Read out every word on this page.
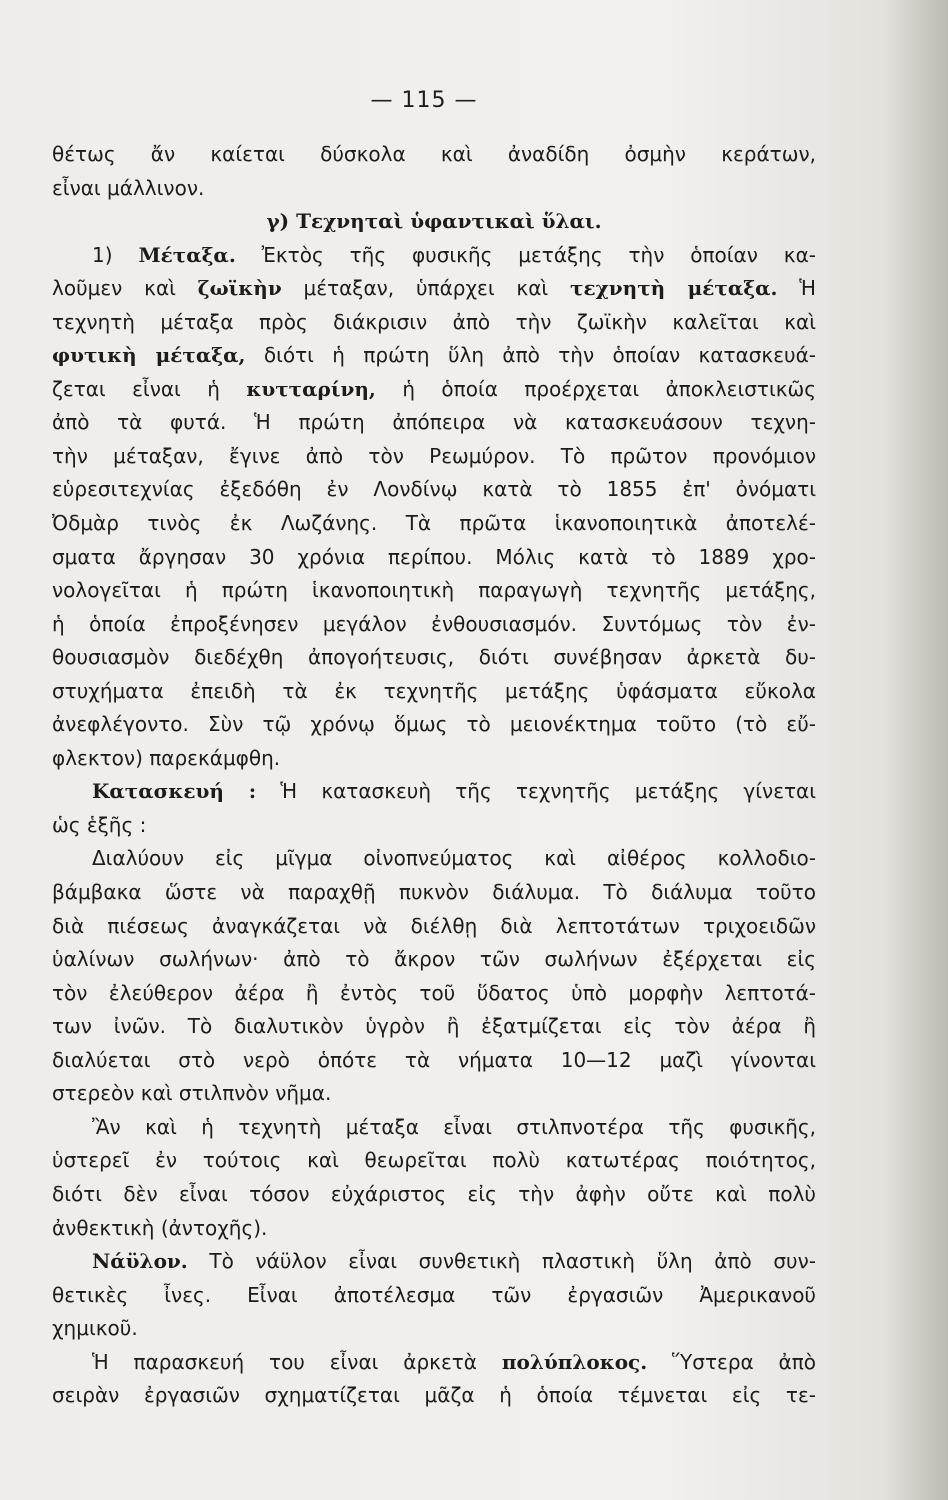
— 115 —
θέτως ἄν καίεται δύσκολα καὶ ἀναδίδη ὀσμὴν κεράτων,
εἶναι μάλλινον.
γ) Τεχνηταὶ ὑφαντικαὶ ὕλαι.
1) Μέταξα. Ἐκτὸς τῆς φυσικῆς μετάξης τὴν ὁποίαν κα-
λοῦμεν καὶ ζωϊκὴν μέταξαν, ὑπάρχει καὶ τεχνητὴ μέταξα. Ἡ
τεχνητὴ μέταξα πρὸς διάκρισιν ἀπὸ τὴν ζωϊκὴν καλεῖται καὶ
φυτικὴ μέταξα, διότι ἡ πρώτη ὕλη ἀπὸ τὴν ὁποίαν κατασκευά-
ζεται εἶναι ἡ κυτταρίνη, ἡ ὁποία προέρχεται ἀποκλειστικῶς
ἀπὸ τὰ φυτά. Ἡ πρώτη ἀπόπειρα νὰ κατασκευάσουν τεχνη-
τὴν μέταξαν, ἔγινε ἀπὸ τὸν Ρεωμύρον. Τὸ πρῶτον προνόμιον
εὑρεσιτεχνίας ἐξεδόθη ἐν Λονδίνῳ κατὰ τὸ 1855 ἐπ' ὀνόματι
Ὀδμὰρ τινὸς ἐκ Λωζάνης. Τὰ πρῶτα ἱκανοποιητικὰ ἀποτελέ-
σματα ἄργησαν 30 χρόνια περίπου. Μόλις κατὰ τὸ 1889 χρο-
νολογεῖται ἡ πρώτη ἱκανοποιητικὴ παραγωγὴ τεχνητῆς μετάξης,
ἡ ὁποία ἐπροξένησεν μεγάλον ἐνθουσιασμόν. Συντόμως τὸν ἐν-
θουσιασμὸν διεδέχθη ἀπογοήτευσις, διότι συνέβησαν ἀρκετὰ δυ-
στυχήματα ἐπειδὴ τὰ ἐκ τεχνητῆς μετάξης ὑφάσματα εὔκολα
ἀνεφλέγοντο. Σὺν τῷ χρόνῳ ὅμως τὸ μειονέκτημα τοῦτο (τὸ εὔ-
φλεκτον) παρεκάμφθη.
Κατασκευή : Ἡ κατασκευὴ τῆς τεχνητῆς μετάξης γίνεται
ὡς ἑξῆς :
Διαλύουν εἰς μῖγμα οἰνοπνεύματος καὶ αἰθέρος κολλοδιο-
βάμβακα ὥστε νὰ παραχθῇ πυκνὸν διάλυμα. Τὸ διάλυμα τοῦτο
διὰ πιέσεως ἀναγκάζεται νὰ διέλθῃ διὰ λεπτοτάτων τριχοειδῶν
ὑαλίνων σωλήνων· ἀπὸ τὸ ἄκρον τῶν σωλήνων ἐξέρχεται εἰς
τὸν ἐλεύθερον ἀέρα ἢ ἐντὸς τοῦ ὕδατος ὑπὸ μορφὴν λεπτοτά-
των ἰνῶν. Τὸ διαλυτικὸν ὑγρὸν ἢ ἐξατμίζεται εἰς τὸν ἀέρα ἢ
διαλύεται στὸ νερὸ ὁπότε τὰ νήματα 10—12 μαζὶ γίνονται
στερεὸν καὶ στιλπνὸν νῆμα.
Ἂν καὶ ἡ τεχνητὴ μέταξα εἶναι στιλπνοτέρα τῆς φυσικῆς,
ὑστερεῖ ἐν τούτοις καὶ θεωρεῖται πολὺ κατωτέρας ποιότητος,
διότι δὲν εἶναι τόσον εὐχάριστος εἰς τὴν ἀφὴν οὔτε καὶ πολὺ
ἀνθεκτικὴ (ἀντοχῆς).
Νάϋλον. Τὸ νάϋλον εἶναι συνθετικὴ πλαστικὴ ὕλη ἀπὸ συν-
θετικὲς ἶνες. Εἶναι ἀποτέλεσμα τῶν ἐργασιῶν Ἀμερικανοῦ
χημικοῦ.
Ἡ παρασκευή του εἶναι ἀρκετὰ πολύπλοκος. Ὕστερα ἀπὸ
σειρὰν ἐργασιῶν σχηματίζεται μᾶζα ἡ ὁποία τέμνεται εἰς τε-
